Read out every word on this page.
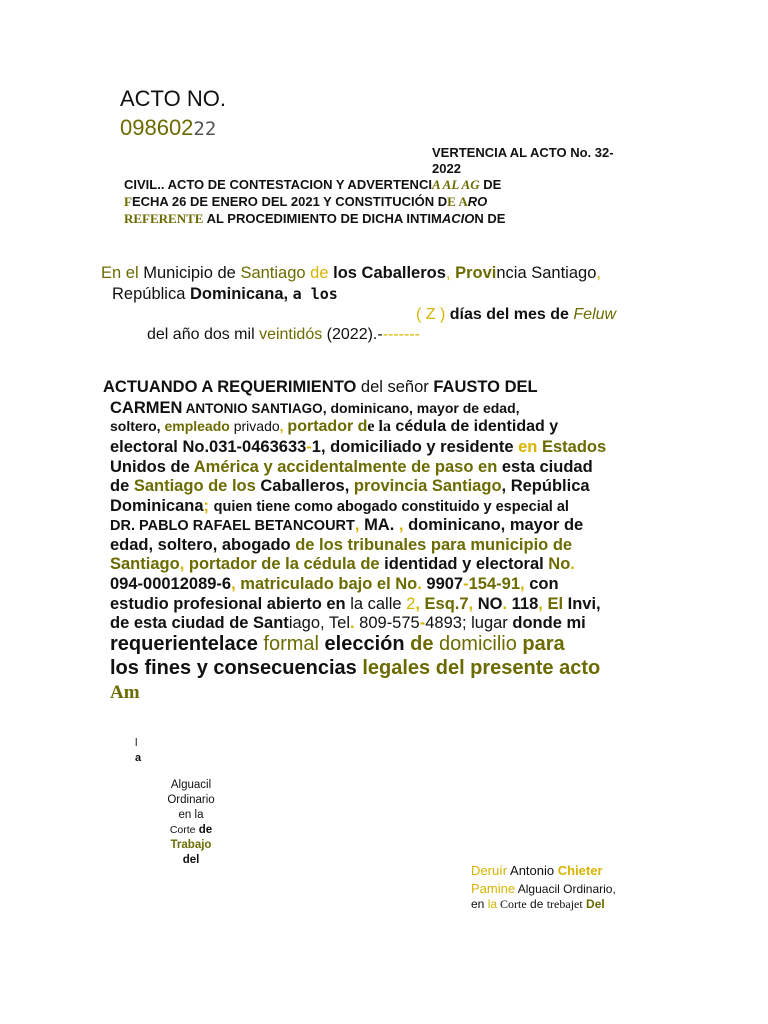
ACTO NO.
09860222
VERTENCIA AL ACTO No. 32-
2022
CIVIL.. ACTO DE CONTESTACION Y ADVERTENCIA AL AG DE
FECHA 26 DE ENERO DEL 2021 Y CONSTITUCIÓN DE ARO
REFERENTE AL PROCEDIMIENTO DE DICHA INTIMACION DE
En el Municipio de Santiago de los Caballeros, Provincia Santiago,
República Dominicana, a los
( Z ) días del mes de Feluw
del año dos mil veintidós (2022).--------
ACTUANDO A REQUERIMIENTO del señor FAUSTO DEL
CARMEN ANTONIO SANTIAGO, dominicano, mayor de edad,
soltero, empleado privado, portador de la cédula de identidad y
electoral No.031-0463633-1, domiciliado y residente en Estados
Unidos de América y accidentalmente de paso en esta ciudad
de Santiago de los Caballeros, provincia Santiago, República
Dominicana; quien tiene como abogado constituido y especial al
DR. PABLO RAFAEL BETANCOURT, MA. , dominicano, mayor de
edad, soltero, abogado de los tribunales para municipio de
Santiago, portador de la cédula de identidad y electoral No.
094-00012089-6, matriculado bajo el No. 9907-154-91, con
estudio profesional abierto en la calle 2, Esq.7, NO. 118, El Invi,
de esta ciudad de Santiago, Tel. 809-575-4893; lugar donde mi
requerientelace formal elección de domicilio para
los fines y consecuencias legales del presente acto
Am
l
a
Alguacil
Ordinario
en la
Corte de
Trabajo
del
Deruír Antonio Chieter
Pamine Alguacil Ordinario,
en la Corte de trebajet Del
